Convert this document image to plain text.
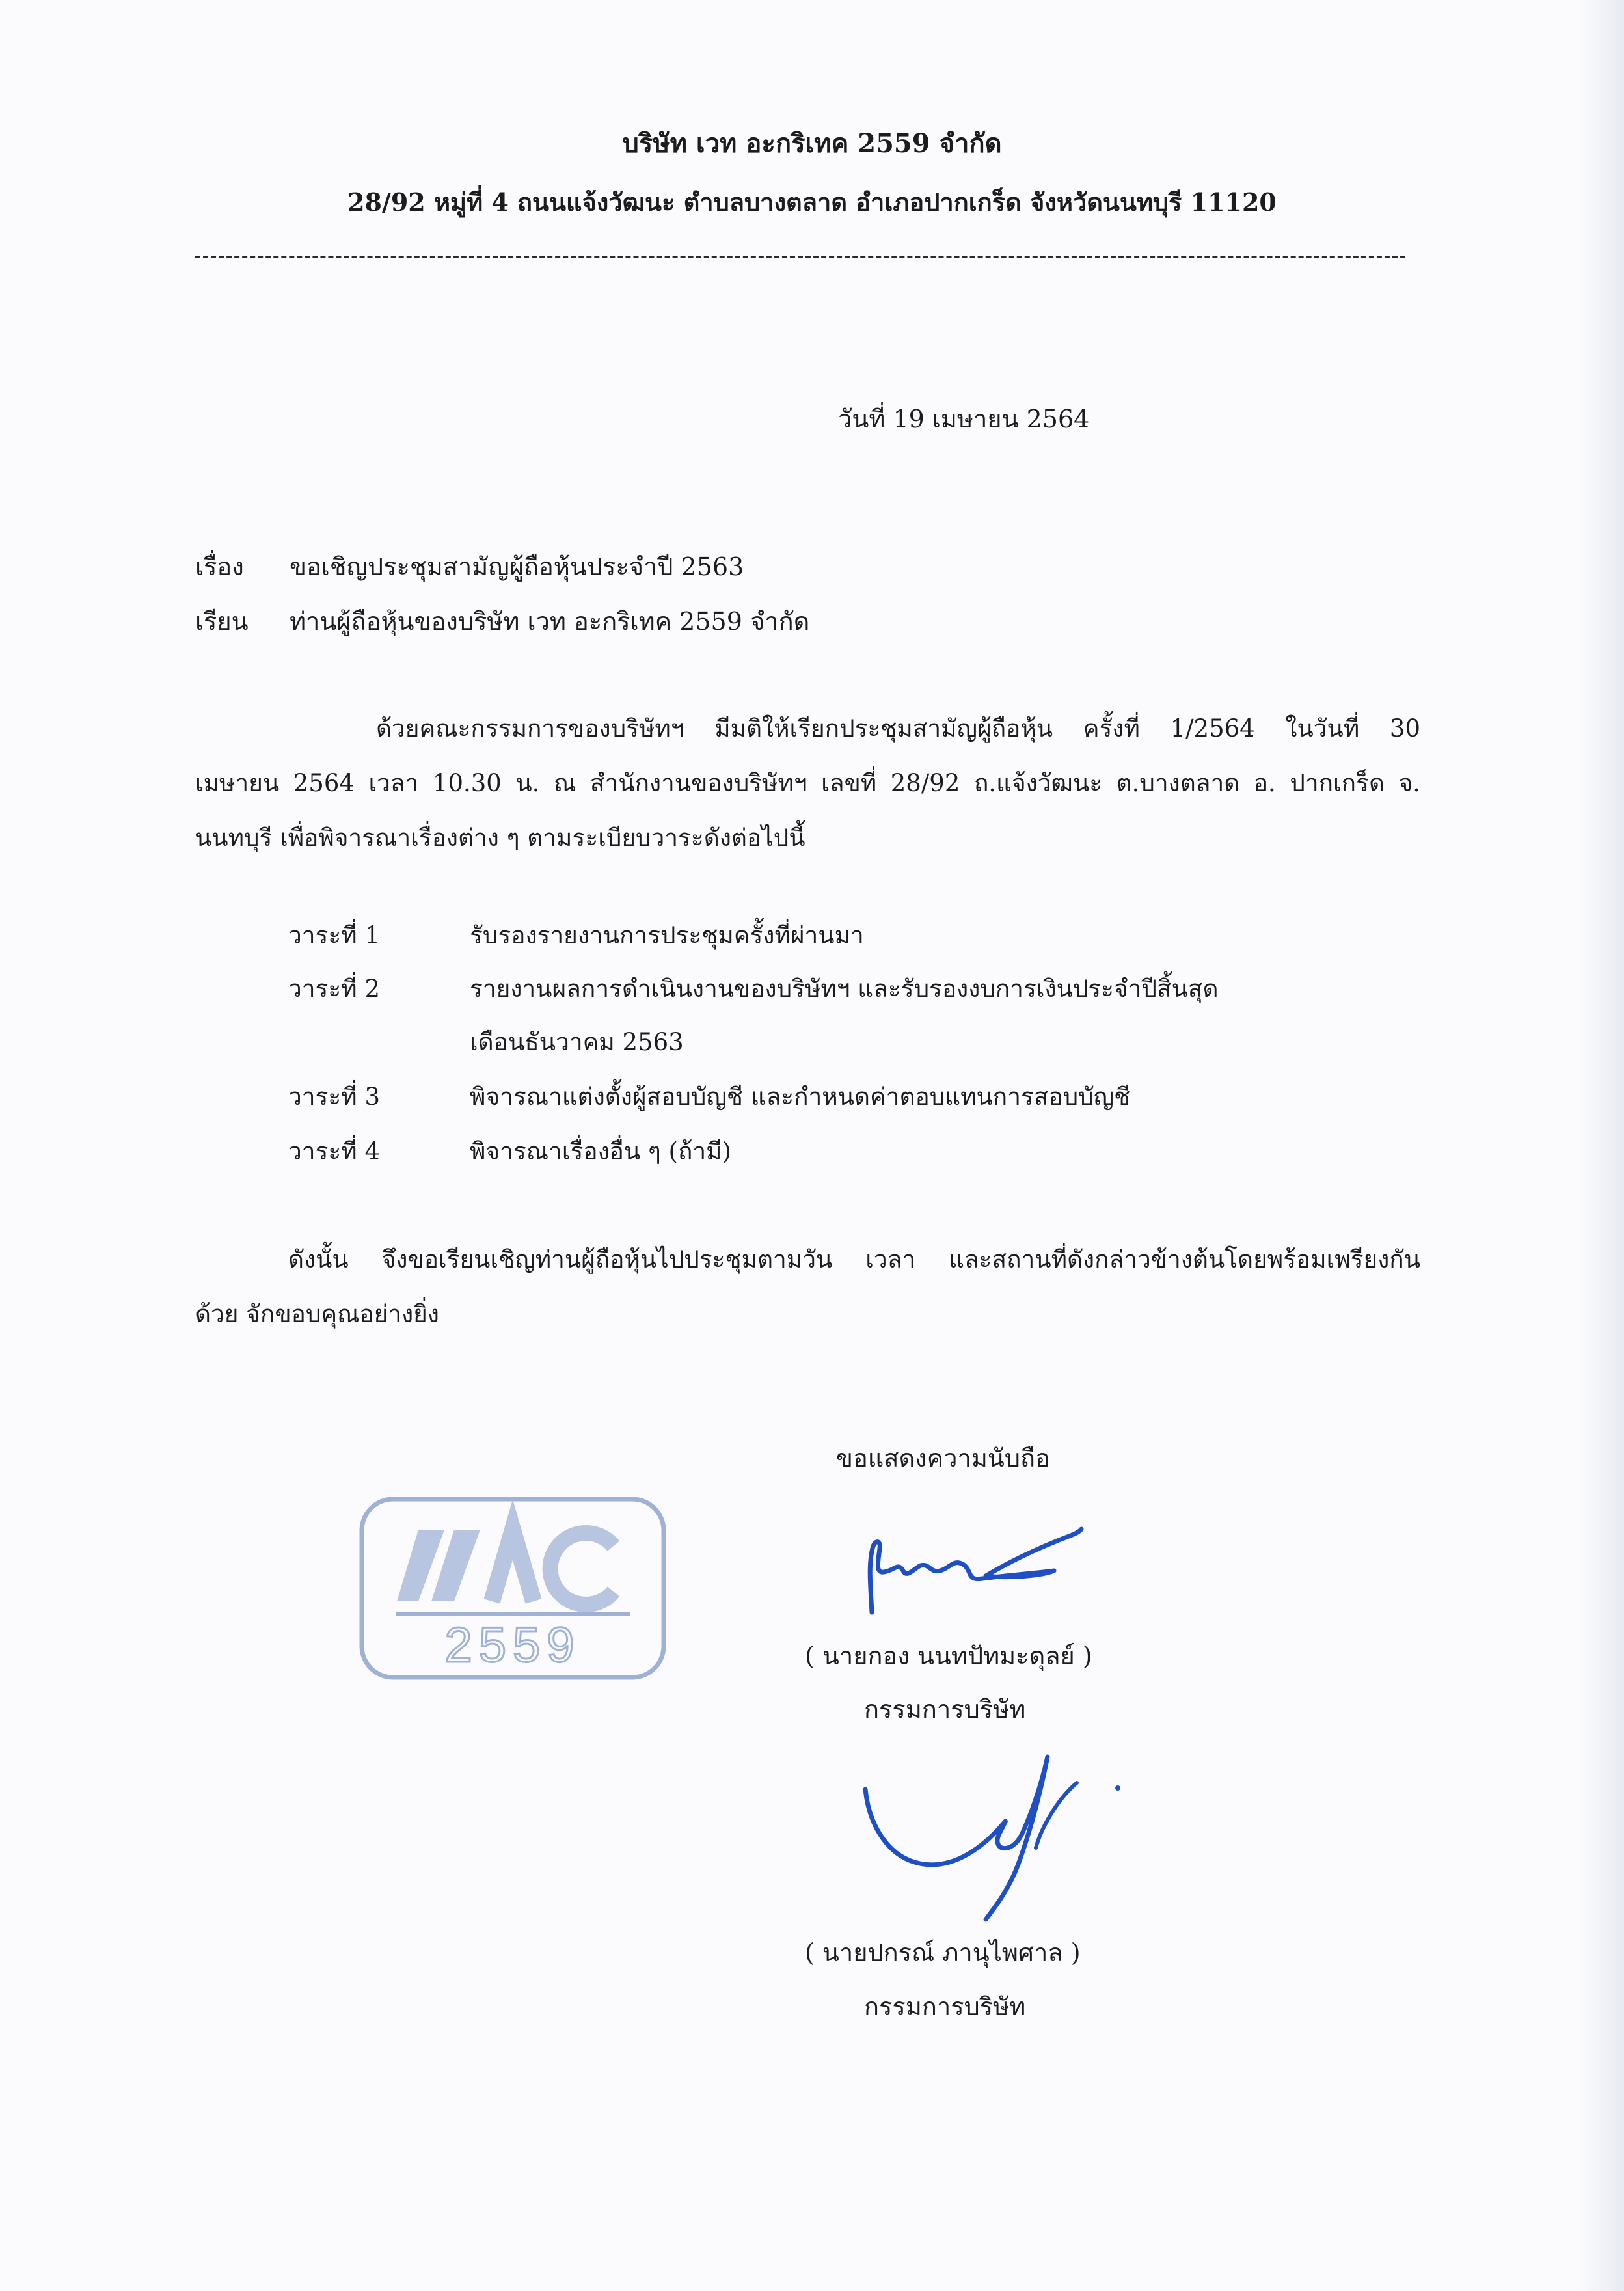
บริษัท เวท อะกริเทค 2559 จำกัด
28/92 หมู่ที่ 4 ถนนแจ้งวัฒนะ ตำบลบางตลาด อำเภอปากเกร็ด จังหวัดนนทบุรี 11120
วันที่ 19 เมษายน 2564
เรื่อง ขอเชิญประชุมสามัญผู้ถือหุ้นประจำปี 2563
เรียน ท่านผู้ถือหุ้นของบริษัท เวท อะกริเทค 2559 จำกัด
ด้วยคณะกรรมการของบริษัทฯ มีมติให้เรียกประชุมสามัญผู้ถือหุ้น ครั้งที่ 1/2564 ในวันที่ 30
เมษายน 2564 เวลา 10.30 น. ณ สำนักงานของบริษัทฯ เลขที่ 28/92 ถ.แจ้งวัฒนะ ต.บางตลาด อ. ปากเกร็ด จ.
นนทบุรี เพื่อพิจารณาเรื่องต่าง ๆ ตามระเบียบวาระดังต่อไปนี้
วาระที่ 1	รับรองรายงานการประชุมครั้งที่ผ่านมา
วาระที่ 2	รายงานผลการดำเนินงานของบริษัทฯ และรับรองงบการเงินประจำปีสิ้นสุด
เดือนธันวาคม 2563
วาระที่ 3	พิจารณาแต่งตั้งผู้สอบบัญชี และกำหนดค่าตอบแทนการสอบบัญชี
วาระที่ 4	พิจารณาเรื่องอื่น ๆ (ถ้ามี)
ดังนั้น จึงขอเรียนเชิญท่านผู้ถือหุ้นไปประชุมตามวัน เวลา และสถานที่ดังกล่าวข้างต้นโดยพร้อมเพรียงกัน
ด้วย จักขอบคุณอย่างยิ่ง
ขอแสดงความนับถือ
2559	( นายกอง นนทปัทมะดุลย์ )
กรรมการบริษัท
( นายปกรณ์ ภานุไพศาล )
กรรมการบริษัท
